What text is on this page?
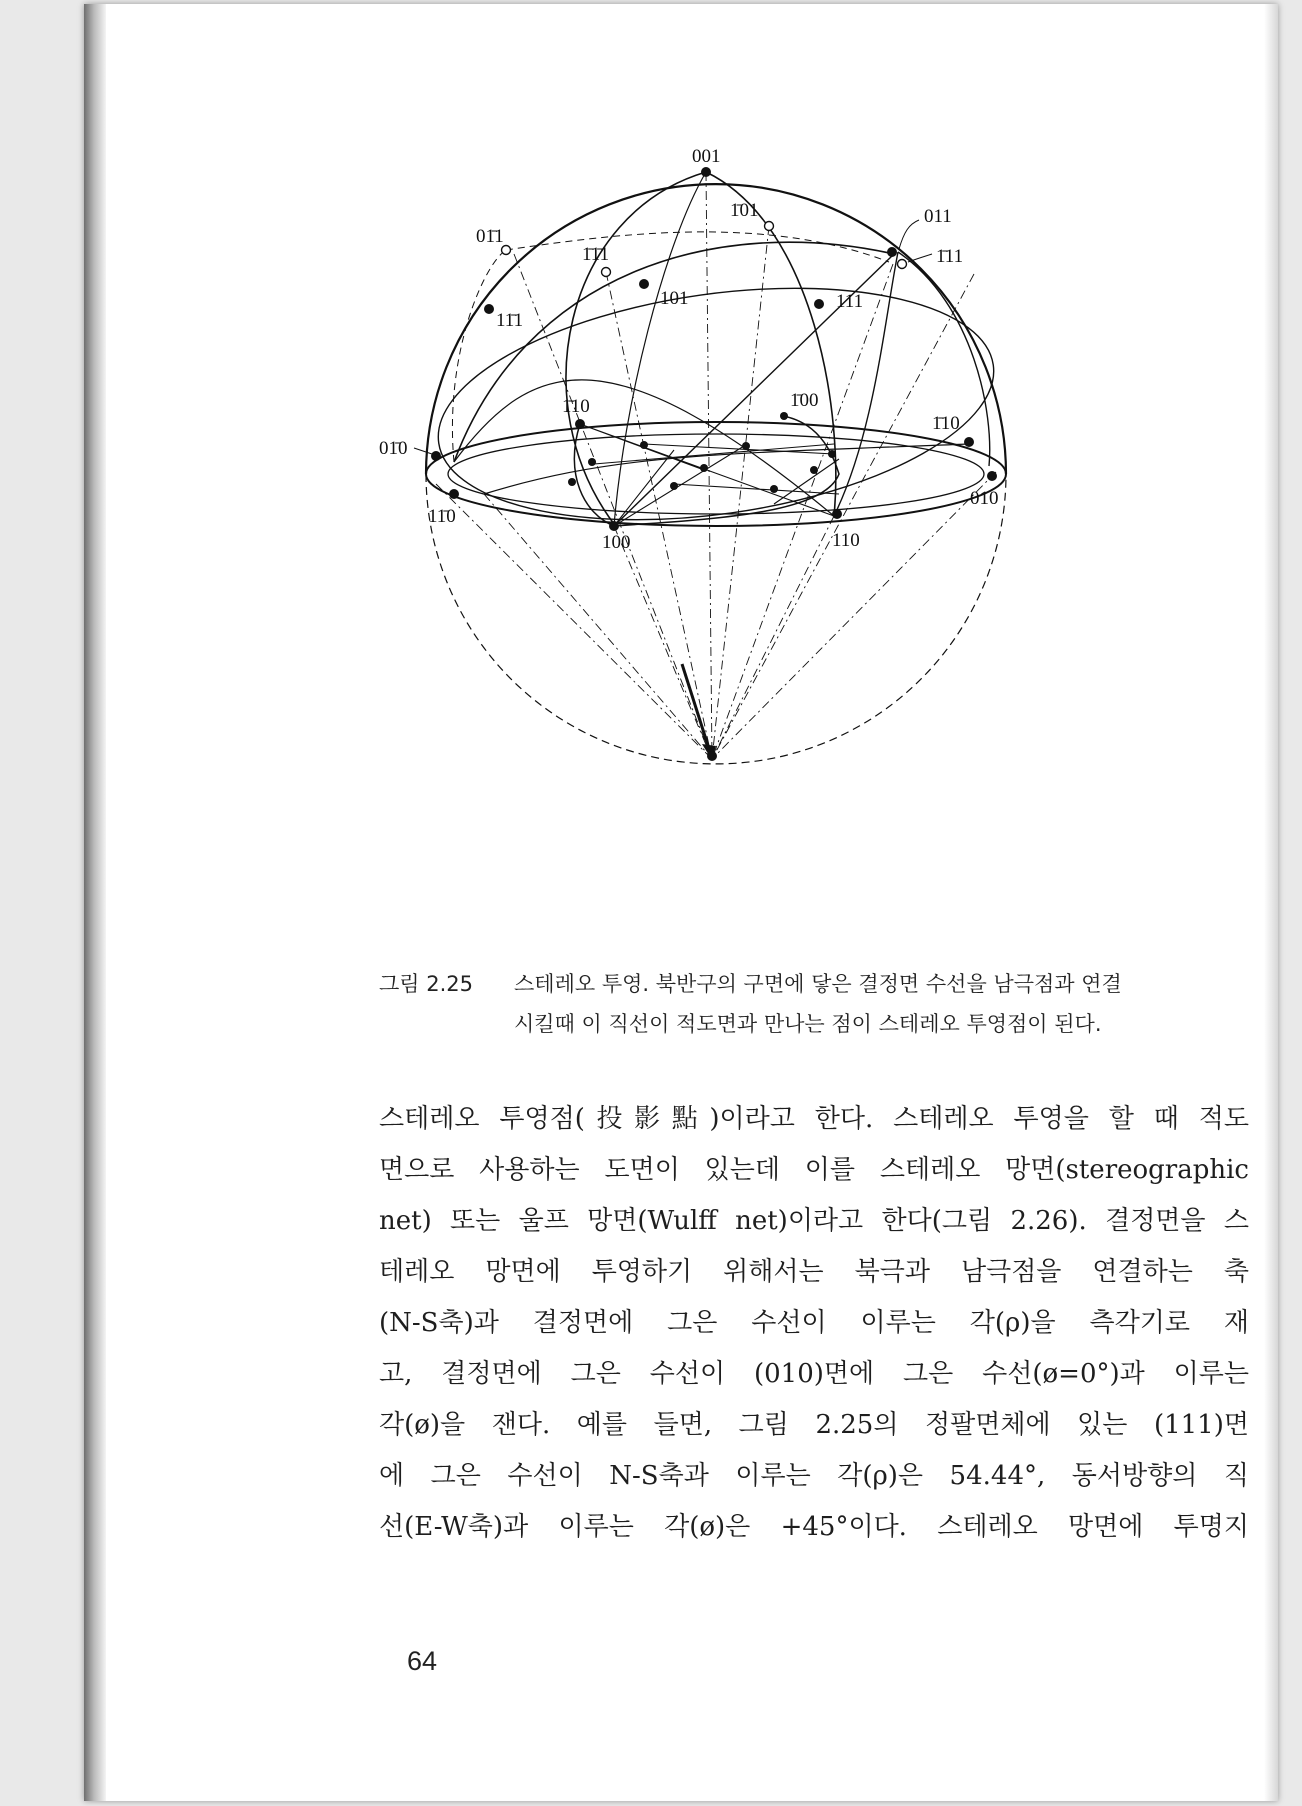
001
1̄01	011
01̄1
1̄11
1̄1̄1
101	111
11̄1
1̄10	1̄00
1̄10
01̄0
010
11̄0
100	110
그림 2.25 스테레오 투영. 북반구의 구면에 닿은 결정면 수선을 남극점과 연결
시킬때 이 직선이 적도면과 만나는 점이 스테레오 투영점이 된다.
스테레오 투영점(投影點)이라고 한다. 스테레오 투영을 할 때 적도
면으로 사용하는 도면이 있는데 이를 스테레오 망면(stereographic
net) 또는 울프 망면(Wulff net)이라고 한다(그림 2.26). 결정면을 스
테레오 망면에 투영하기 위해서는 북극과 남극점을 연결하는 축
(N-S축)과 결정면에 그은 수선이 이루는 각(ρ)을 측각기로 재
고, 결정면에 그은 수선이 (010)면에 그은 수선(ø=0°)과 이루는
각(ø)을 잰다. 예를 들면, 그림 2.25의 정팔면체에 있는 (111)면
에 그은 수선이 N-S축과 이루는 각(ρ)은 54.44°, 동서방향의 직
선(E-W축)과 이루는 각(ø)은 +45°이다. 스테레오 망면에 투명지
64
